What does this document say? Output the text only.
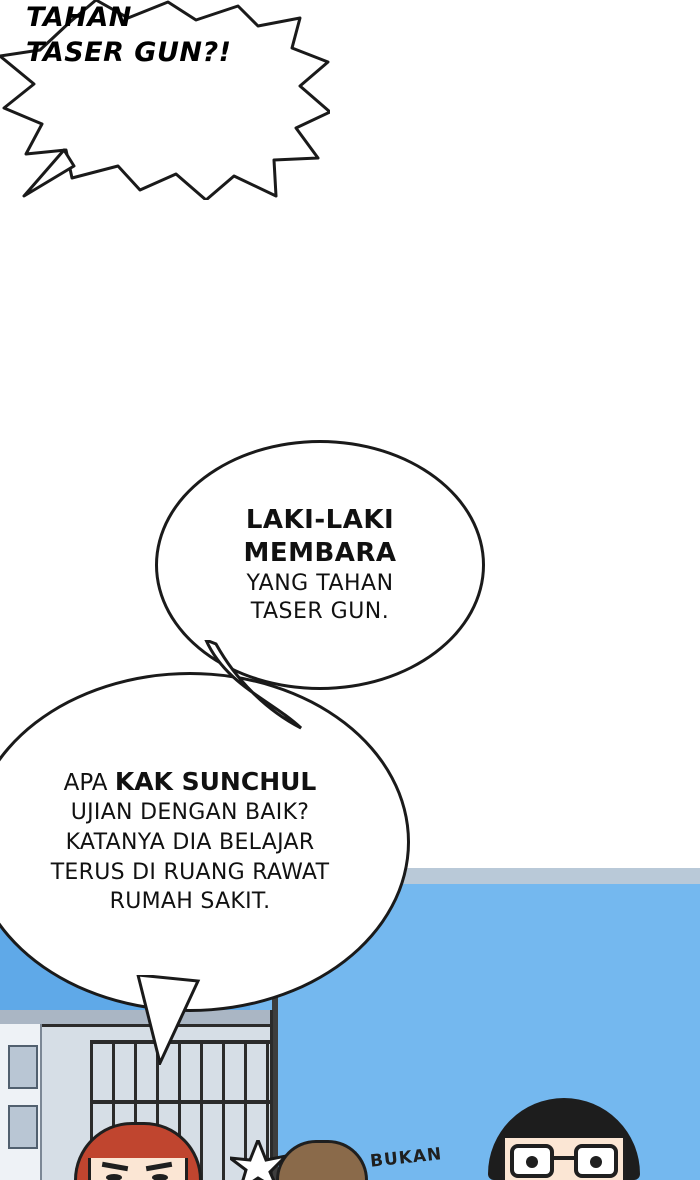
LAKI-LAKI
MEMBARA
YANG TAHAN
TASER GUN.
APA KAK SUNCHUL
UJIAN DENGAN BAIK?
KATANYA DIA BELAJAR
TERUS DI RUANG RAWAT
RUMAH SAKIT.
TAHAN
TASER GUN?!
BUKAN
